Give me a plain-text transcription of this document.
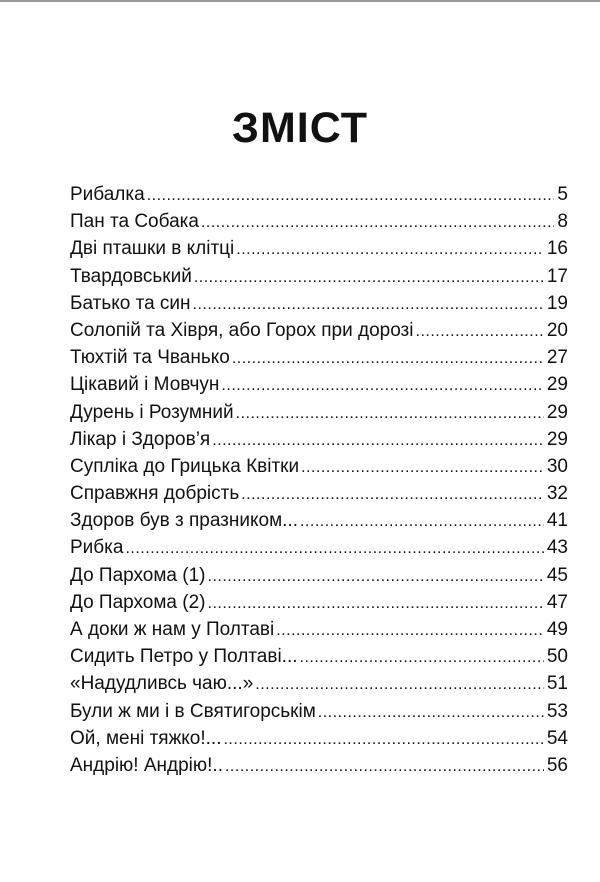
ЗМІСТ
Рибалка .....	5
Пан та Собака .....	8
Дві пташки в клітці .....	16
Твардовський .....	17
Батько та син .....	19
Солопій та Хівря, або Горох при дорозі .....	20
Тюхтій та Чванько .....	27
Цікавий і Мовчун .....	29
Дурень і Розумний .....	29
Лікар і Здоров’я .....	29
Супліка до Грицька Квітки .....	30
Справжня добрість .....	32
Здоров був з празником... .....	41
Рибка .....	43
До Пархома (1) .....	45
До Пархома (2) .....	47
А доки ж нам у Полтаві .....	49
Сидить Петро у Полтаві... .....	50
«Надудливсь чаю...» .....	51
Були ж ми і в Святигорськім .....	53
Ой, мені тяжко!... .....	54
Андрію! Андрію!.. .....	56
